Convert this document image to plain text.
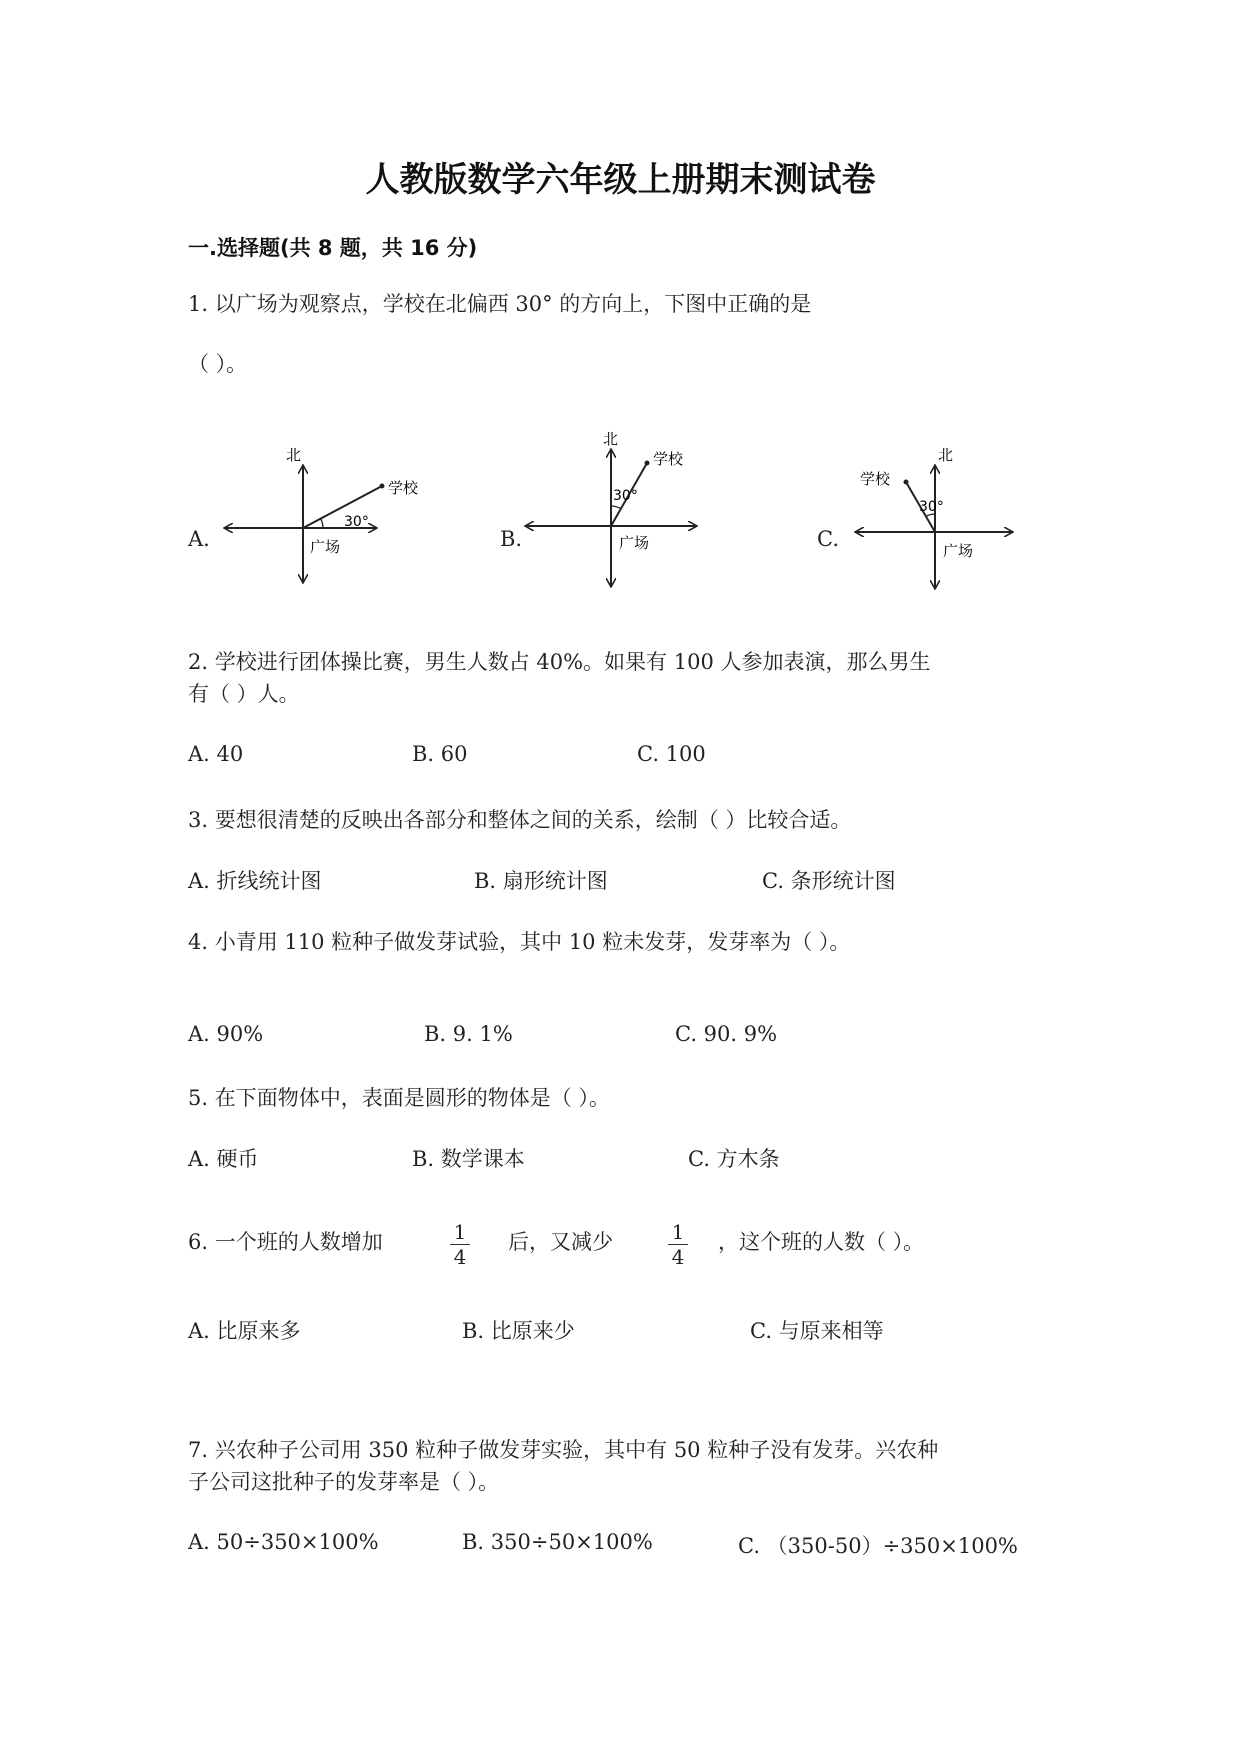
人教版数学六年级上册期末测试卷
一.选择题(共 8 题，共 16 分)
1. 以广场为观察点，学校在北偏西 30° 的方向上，下图中正确的是
（ ）。
A.	B.	C.
北
学校
30°
广场
北
学校
30°
广场
北
学校
30°
广场
2. 学校进行团体操比赛，男生人数占 40%。如果有 100 人参加表演，那么男生
有（ ）人。
A. 40	B. 60	C. 100
3. 要想很清楚的反映出各部分和整体之间的关系，绘制（ ）比较合适。
A. 折线统计图	B. 扇形统计图	C. 条形统计图
4. 小青用 110 粒种子做发芽试验，其中 10 粒未发芽，发芽率为（ ）。
A. 90%	B. 9. 1%	C. 90. 9%
5. 在下面物体中，表面是圆形的物体是（ ）。
A. 硬币	B. 数学课本	C. 方木条
6. 一个班的人数增加	1
4
后，又减少	1
4
，这个班的人数（ ）。
A. 比原来多	B. 比原来少	C. 与原来相等
7. 兴农种子公司用 350 粒种子做发芽实验，其中有 50 粒种子没有发芽。兴农种
子公司这批种子的发芽率是（ ）。
A. 50÷350×100%	B. 350÷50×100%	C. （350-50）÷350×100%
